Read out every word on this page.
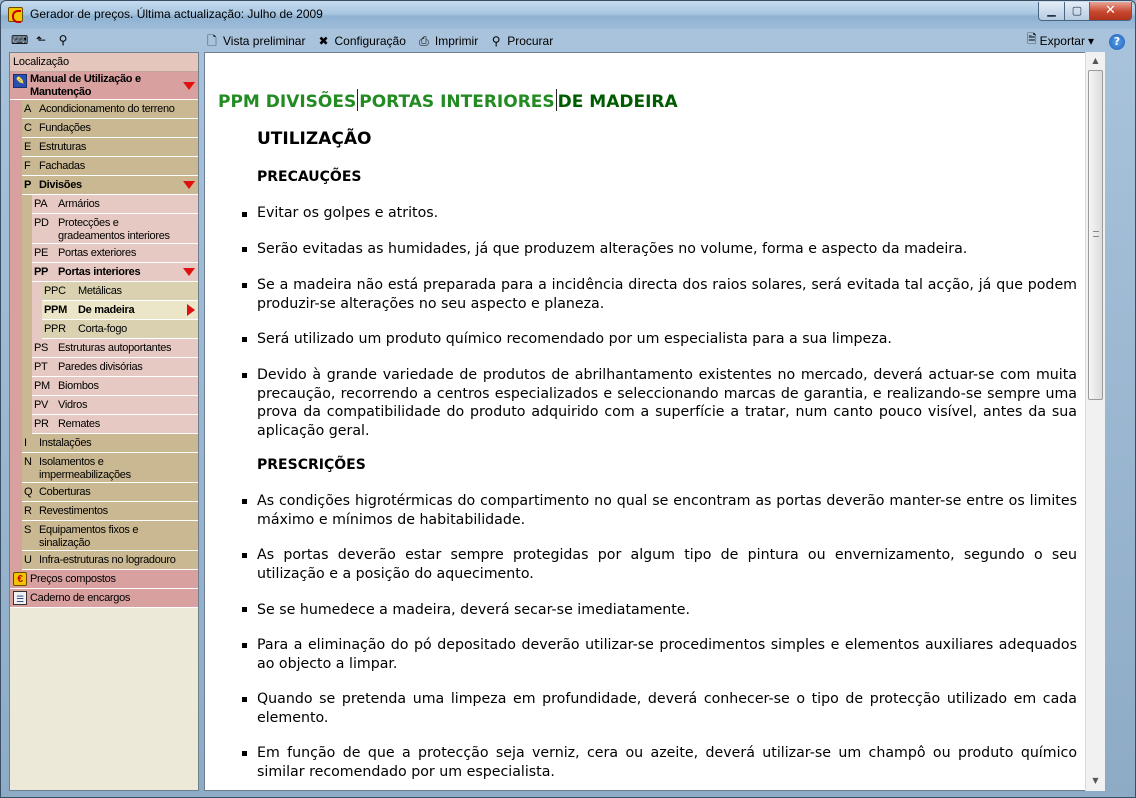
Gerador de preços. Última actualização: Julho de 2009	▁	▢	✕
⌨ ⬑ ⚲	🗋 Vista preliminar ✖ Configuração ⎙ Imprimir ⚲ Procurar	🗎 Exportar ▾	?
Localização
✎ Manual de Utilização e Manutenção
A Acondicionamento do terreno
C Fundações
E Estruturas
F Fachadas
P Divisões
PA Armários
PD Protecções e gradeamentos interiores
PE Portas exteriores
PP Portas interiores
PPC Metálicas
PPM De madeira
PPR Corta-fogo
PS Estruturas autoportantes
PT Paredes divisórias
PM Biombos
PV Vidros
PR Remates
I Instalações
N Isolamentos e impermeabilizações
Q Coberturas
R Revestimentos
S Equipamentos fixos e sinalização
U Infra-estruturas no logradouro
€ Preços compostos
☰ Caderno de encargos
PPM DIVISÕES PORTAS INTERIORES DE MADEIRA
UTILIZAÇÃO
PRECAUÇÕES
Evitar os golpes e atritos.
Serão evitadas as humidades, já que produzem alterações no volume, forma e aspecto da madeira.
Se a madeira não está preparada para a incidência directa dos raios solares, será evitada tal acção, já que podem produzir-se alterações no seu aspecto e planeza.
Será utilizado um produto químico recomendado por um especialista para a sua limpeza.
Devido à grande variedade de produtos de abrilhantamento existentes no mercado, deverá actuar-se com muita precaução, recorrendo a centros especializados e seleccionando marcas de garantia, e realizando-se sempre uma prova da compatibilidade do produto adquirido com a superfície a tratar, num canto pouco visível, antes da sua aplicação geral.
PRESCRIÇÕES
As condições higrotérmicas do compartimento no qual se encontram as portas deverão manter-se entre os limites máximo e mínimos de habitabilidade.
As portas deverão estar sempre protegidas por algum tipo de pintura ou envernizamento, segundo o seu utilização e a posição do aquecimento.
Se se humedece a madeira, deverá secar-se imediatamente.
Para a eliminação do pó depositado deverão utilizar-se procedimentos simples e elementos auxiliares adequados ao objecto a limpar.
Quando se pretenda uma limpeza em profundidade, deverá conhecer-se o tipo de protecção utilizado em cada elemento.
Em função de que a protecção seja verniz, cera ou azeite, deverá utilizar-se um champô ou produto químico similar recomendado por um especialista.
▲
▼
